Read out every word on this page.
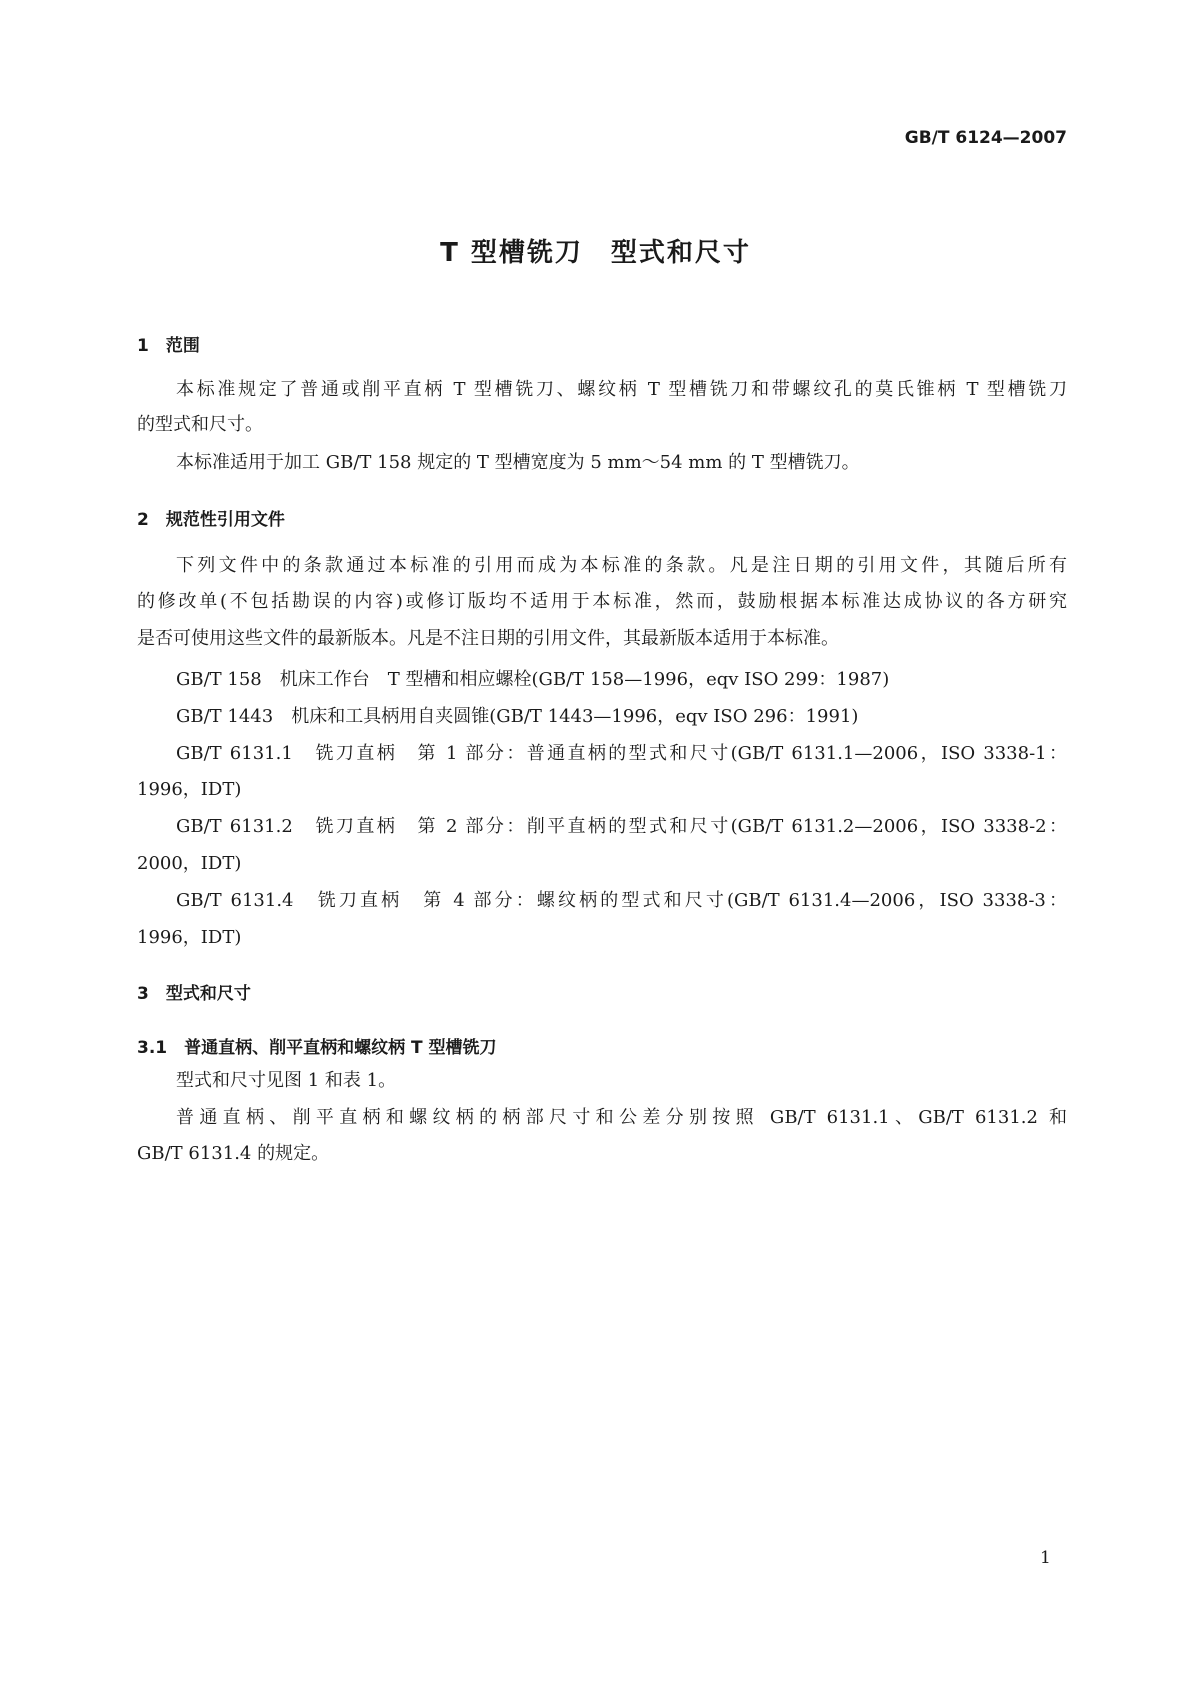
GB/T 6124—2007
T 型槽铣刀　型式和尺寸
1　范围
本标准规定了普通或削平直柄 T 型槽铣刀、螺纹柄 T 型槽铣刀和带螺纹孔的莫氏锥柄 T 型槽铣刀
的型式和尺寸。
本标准适用于加工 GB/T 158 规定的 T 型槽宽度为 5 mm～54 mm 的 T 型槽铣刀。
2　规范性引用文件
下列文件中的条款通过本标准的引用而成为本标准的条款。凡是注日期的引用文件，其随后所有
的修改单(不包括勘误的内容)或修订版均不适用于本标准，然而，鼓励根据本标准达成协议的各方研究
是否可使用这些文件的最新版本。凡是不注日期的引用文件，其最新版本适用于本标准。
GB/T 158　机床工作台　T 型槽和相应螺栓(GB/T 158—1996，eqv ISO 299：1987)
GB/T 1443　机床和工具柄用自夹圆锥(GB/T 1443—1996，eqv ISO 296：1991)
GB/T 6131.1　铣刀直柄　第 1 部分：普通直柄的型式和尺寸(GB/T 6131.1—2006，ISO 3338-1：
1996，IDT)
GB/T 6131.2　铣刀直柄　第 2 部分：削平直柄的型式和尺寸(GB/T 6131.2—2006，ISO 3338-2：
2000，IDT)
GB/T 6131.4　铣刀直柄　第 4 部分：螺纹柄的型式和尺寸(GB/T 6131.4—2006，ISO 3338-3：
1996，IDT)
3　型式和尺寸
3.1　普通直柄、削平直柄和螺纹柄 T 型槽铣刀
型式和尺寸见图 1 和表 1。
普通直柄、削平直柄和螺纹柄的柄部尺寸和公差分别按照 GB/T 6131.1、GB/T 6131.2 和
GB/T 6131.4 的规定。
1
